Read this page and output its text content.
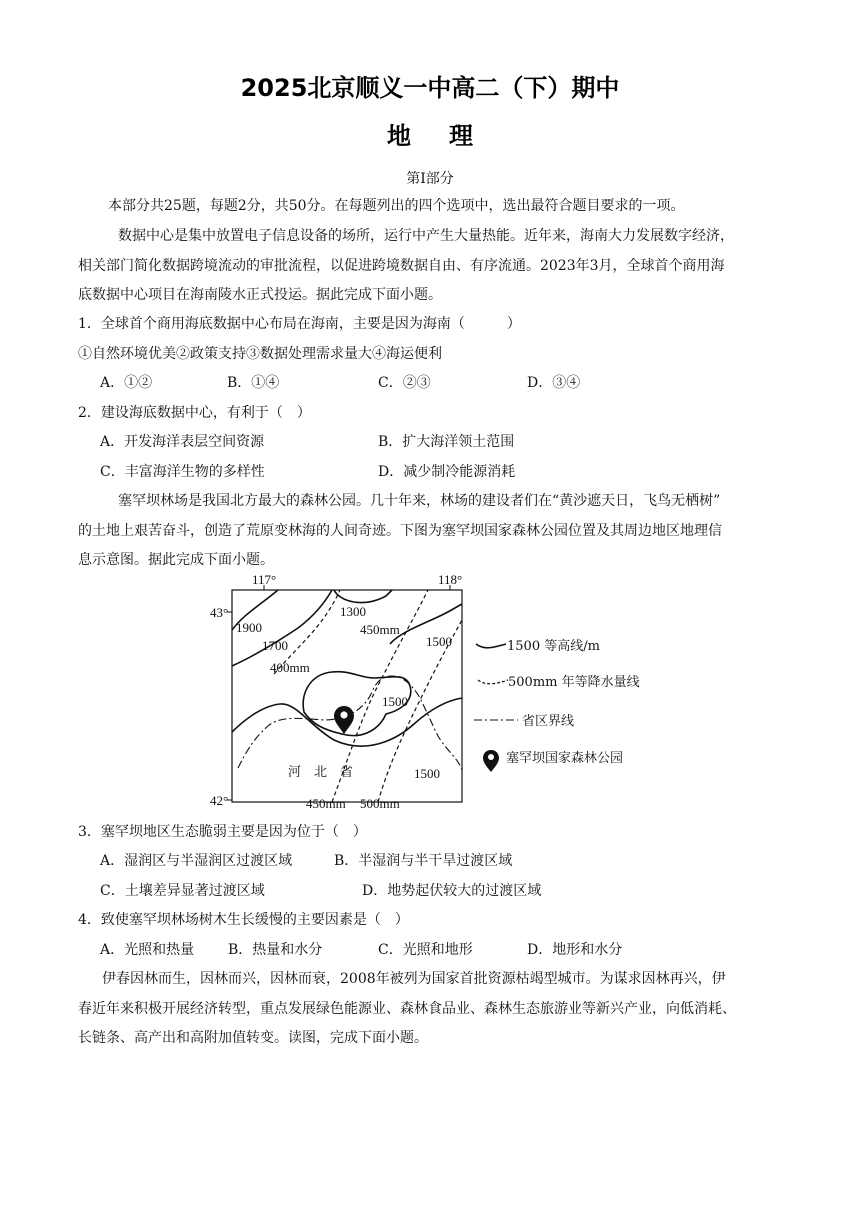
2025北京顺义一中高二（下）期中
地理
第Ⅰ部分
本部分共25题，每题2分，共50分。在每题列出的四个选项中，选出最符合题目要求的一项。
数据中心是集中放置电子信息设备的场所，运行中产生大量热能。近年来，海南大力发展数字经济，
相关部门简化数据跨境流动的审批流程，以促进跨境数据自由、有序流通。2023年3月，全球首个商用海
底数据中心项目在海南陵水正式投运。据此完成下面小题。
1．全球首个商用海底数据中心布局在海南，主要是因为海南（　　　）
①自然环境优美②政策支持③数据处理需求量大④海运便利
A．①②	B．①④	C．②③	D．③④
2．建设海底数据中心，有利于（　）
A．开发海洋表层空间资源	B．扩大海洋领土范围
C．丰富海洋生物的多样性	D．减少制冷能源消耗
塞罕坝林场是我国北方最大的森林公园。几十年来，林场的建设者们在“黄沙遮天日，飞鸟无栖树”
的土地上艰苦奋斗，创造了荒原变林海的人间奇迹。下图为塞罕坝国家森林公园位置及其周边地区地理信
息示意图。据此完成下面小题。
117°	118°
43°
42°
1900
1700
1300
1500
1500
1500
450mm
400mm
450mm 500mm
河　北　省
1500 等高线/m
500mm 年等降水量线
省区界线
塞罕坝国家森林公园
3．塞罕坝地区生态脆弱主要是因为位于（　）
A．湿润区与半湿润区过渡区域	B．半湿润与半干旱过渡区域
C．土壤差异显著过渡区域	D．地势起伏较大的过渡区域
4．致使塞罕坝林场树木生长缓慢的主要因素是（　）
A．光照和热量 B．热量和水分	C．光照和地形	D．地形和水分
伊春因林而生，因林而兴，因林而衰，2008年被列为国家首批资源枯竭型城市。为谋求因林再兴，伊
春近年来积极开展经济转型，重点发展绿色能源业、森林食品业、森林生态旅游业等新兴产业，向低消耗、
长链条、高产出和高附加值转变。读图，完成下面小题。
